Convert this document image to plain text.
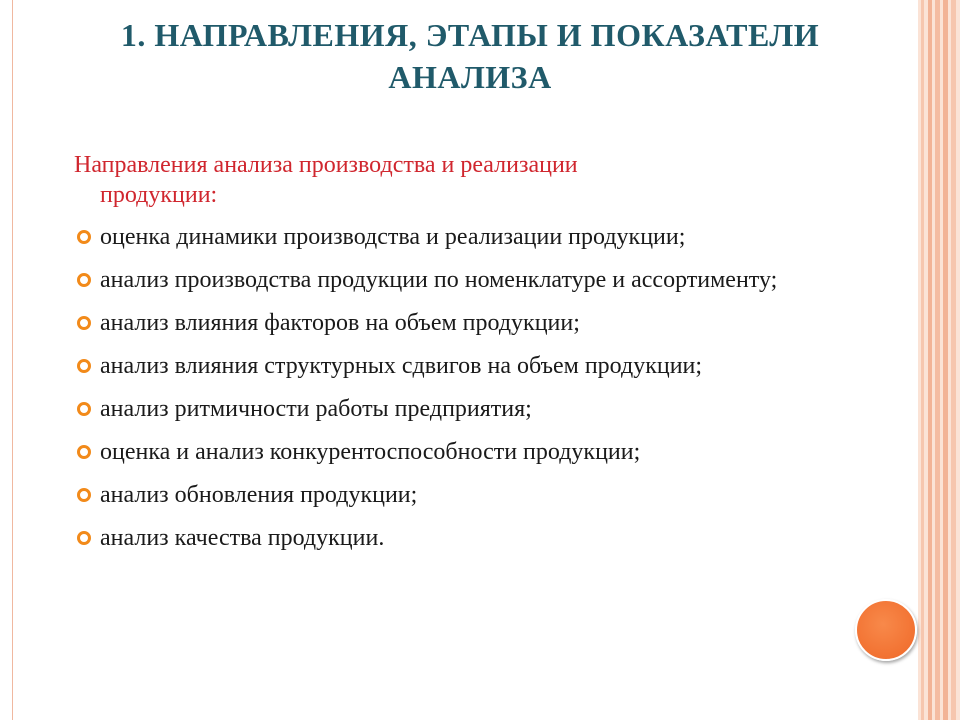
1. НАПРАВЛЕНИЯ, ЭТАПЫ И ПОКАЗАТЕЛИ АНАЛИЗА

Направления анализа производства и реализации
продукции:

оценка динамики производства и реализации продукции;
анализ производства продукции по номенклатуре и ассортименту;
анализ влияния факторов на объем продукции;
анализ влияния структурных сдвигов на объем продукции;
анализ ритмичности работы предприятия;
оценка и анализ конкурентоспособности продукции;
анализ обновления продукции;
анализ качества продукции.
